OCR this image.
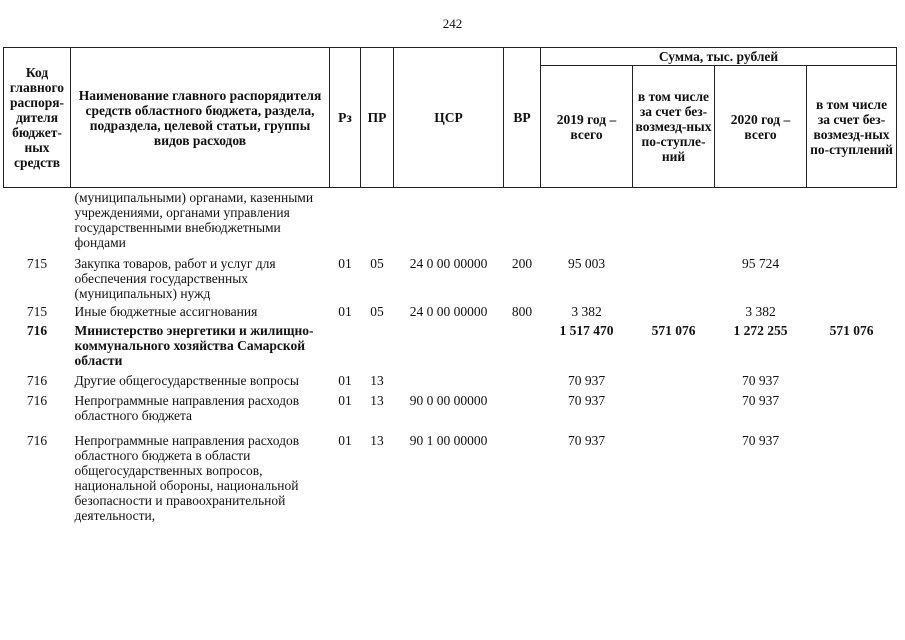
242
Код главного распоря-дителя бюджет-ных средств	Наименование главного распорядителя средств областного бюджета, раздела, подраздела, целевой статьи, группы видов расходов	Рз	ПР	ЦСР	ВР	Сумма, тыс. рублей			
						2019 год – всего	в том числе за счет без-возмезд-ных по-ступле-ний	2020 год – всего	в том числе за счет без-возмезд-ных по-ступлений
	(муниципальными) органами, казенными учреждениями, органами управления государственными внебюджетными фондами								
715	Закупка товаров, работ и услуг для обеспечения государственных (муниципальных) нужд	01	05	24 0 00 00000	200	95 003		95 724	
715	Иные бюджетные ассигнования	01	05	24 0 00 00000	800	3 382		3 382	
716	Министерство энергетики и жилищно-коммунального хозяйства Самарской области					1 517 470	571 076	1 272 255	571 076
716	Другие общегосударственные вопросы	01	13			70 937		70 937	
716	Непрограммные направления расходов областного бюджета	01	13	90 0 00 00000		70 937		70 937	
716	Непрограммные направления расходов областного бюджета в области общегосударственных вопросов, национальной обороны, национальной безопасности и правоохранительной деятельности,	01	13	90 1 00 00000		70 937		70 937	
